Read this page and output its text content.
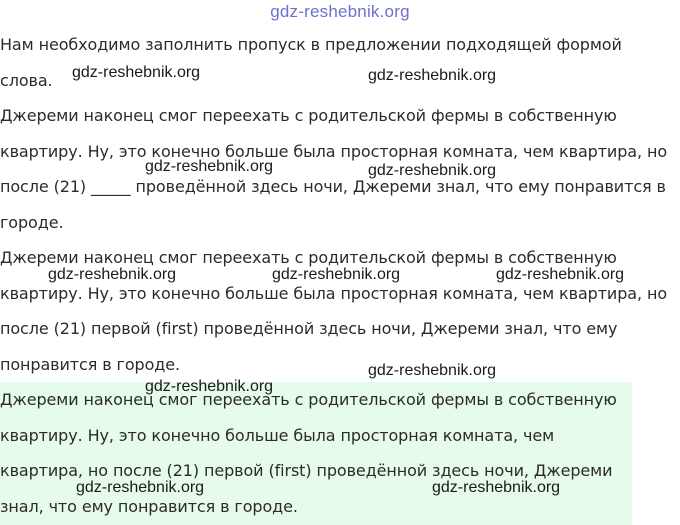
gdz-reshebnik.org
Нам необходимо заполнить пропуск в предложении подходящей формой
слова.
Джереми наконец смог переехать с родительской фермы в собственную
квартиру. Ну, это конечно больше была просторная комната, чем квартира, но
после (21) _____ проведённой здесь ночи, Джереми знал, что ему понравится в
городе.
Джереми наконец смог переехать с родительской фермы в собственную
квартиру. Ну, это конечно больше была просторная комната, чем квартира, но
после (21) первой (first) проведённой здесь ночи, Джереми знал, что ему
понравится в городе.
Джереми наконец смог переехать с родительской фермы в собственную
квартиру. Ну, это конечно больше была просторная комната, чем
квартира, но после (21) первой (first) проведённой здесь ночи, Джереми
знал, что ему понравится в городе.
gdz-reshebnik.org	gdz-reshebnik.org
gdz-reshebnik.org	gdz-reshebnik.org
gdz-reshebnik.org	gdz-reshebnik.org	gdz-reshebnik.org
gdz-reshebnik.org
gdz-reshebnik.org
gdz-reshebnik.org	gdz-reshebnik.org
